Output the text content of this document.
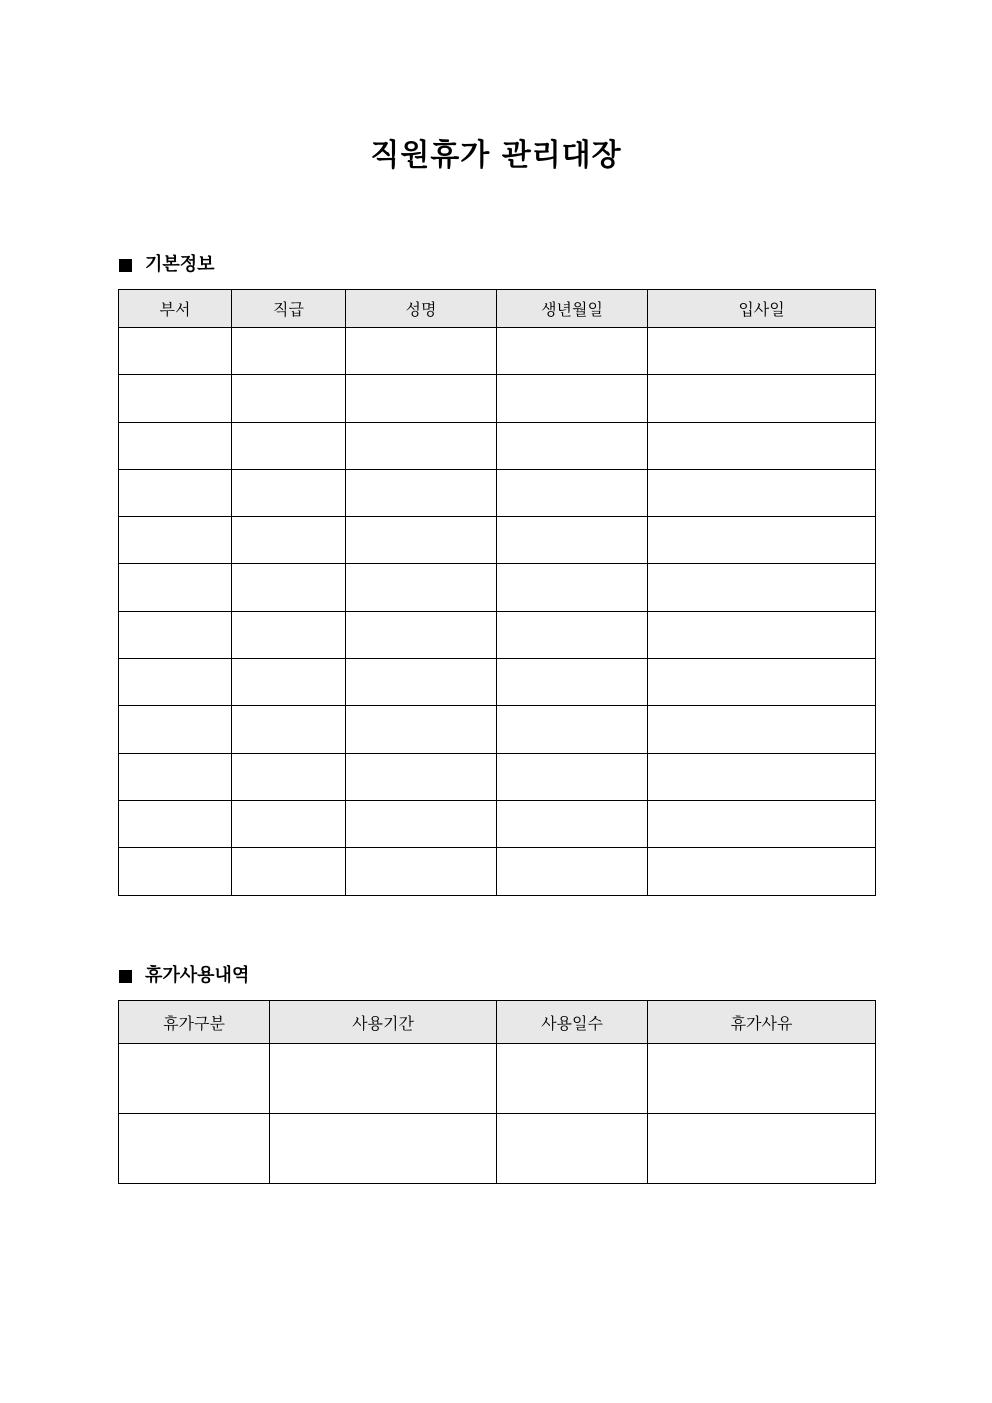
직원휴가 관리대장
기본정보
부서	직급	성명	생년월일	입사일

휴가사용내역
휴가구분	사용기간	사용일수	휴가사유
